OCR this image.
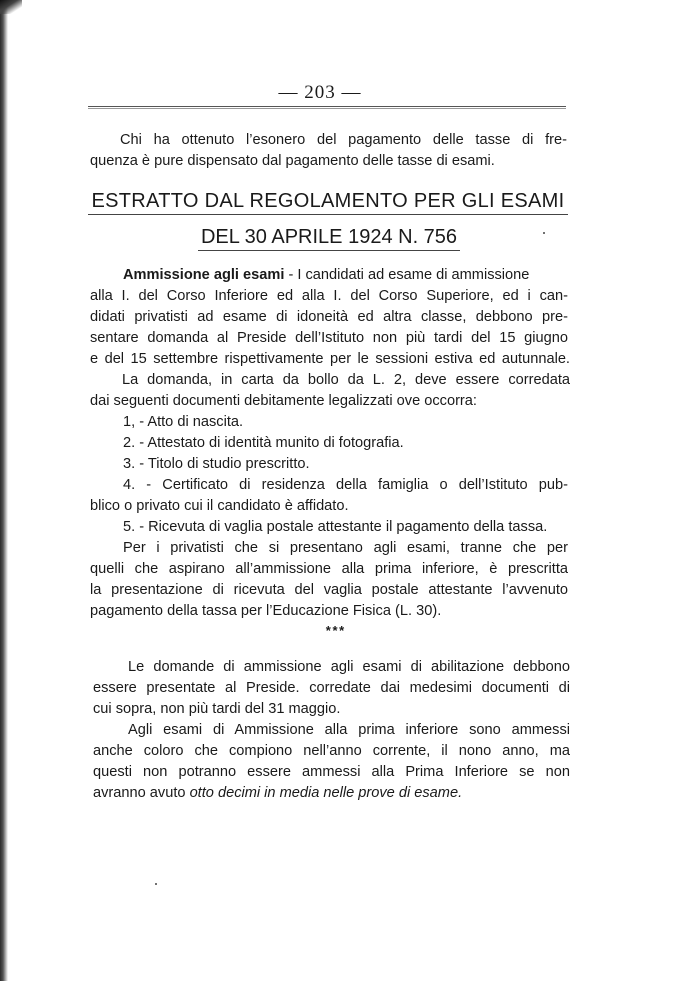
— 203 —
Chi ha ottenuto l’esonero del pagamento delle tasse di fre-
quenza è pure dispensato dal pagamento delle tasse di esami.
ESTRATTO DAL REGOLAMENTO PER GLI ESAMI
DEL 30 APRILE 1924 N. 756
Ammissione agli esami - I candidati ad esame di ammissione
alla I. del Corso Inferiore ed alla I. del Corso Superiore, ed i can-
didati privatisti ad esame di idoneità ed altra classe, debbono pre-
sentare domanda al Preside dell’Istituto non più tardi del 15 giugno
e del 15 settembre rispettivamente per le sessioni estiva ed autunnale.
La domanda, in carta da bollo da L. 2, deve essere corredata
dai seguenti documenti debitamente legalizzati ove occorra:
1, - Atto di nascita.
2. - Attestato di identità munito di fotografia.
3. - Titolo di studio prescritto.
4. - Certificato di residenza della famiglia o dell’Istituto pub-
blico o privato cui il candidato è affidato.
5. - Ricevuta di vaglia postale attestante il pagamento della tassa.
Per i privatisti che si presentano agli esami, tranne che per
quelli che aspirano all’ammissione alla prima inferiore, è prescritta
la presentazione di ricevuta del vaglia postale attestante l’avvenuto
pagamento della tassa per l’Educazione Fisica (L. 30).
* * *
Le domande di ammissione agli esami di abilitazione debbono
essere presentate al Preside. corredate dai medesimi documenti di
cui sopra, non più tardi del 31 maggio.
Agli esami di Ammissione alla prima inferiore sono ammessi
anche coloro che compiono nell’anno corrente, il nono anno, ma
questi non potranno essere ammessi alla Prima Inferiore se non
avranno avuto otto decimi in media nelle prove di esame.
